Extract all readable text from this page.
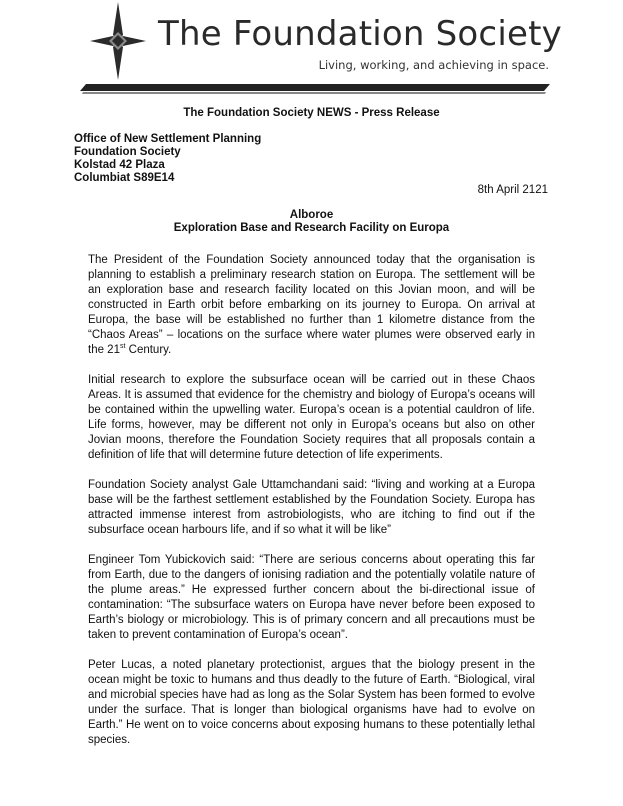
The Foundation Society
Living, working, and achieving in space.
The Foundation Society NEWS - Press Release
Office of New Settlement Planning
Foundation Society
Kolstad 42 Plaza
Columbiat S89E14
8th April 2121
Alboroe
Exploration Base and Research Facility on Europa

The President of the Foundation Society announced today that the organisation is planning to establish a preliminary research station on Europa. The settlement will be an exploration base and research facility located on this Jovian moon, and will be constructed in Earth orbit before embarking on its journey to Europa. On arrival at Europa, the base will be established no further than 1 kilometre distance from the “Chaos Areas” – locations on the surface where water plumes were observed early in the 21st Century.

Initial research to explore the subsurface ocean will be carried out in these Chaos Areas. It is assumed that evidence for the chemistry and biology of Europa’s oceans will be contained within the upwelling water. Europa’s ocean is a potential cauldron of life. Life forms, however, may be different not only in Europa’s oceans but also on other Jovian moons, therefore the Foundation Society requires that all proposals contain a definition of life that will determine future detection of life experiments.

Foundation Society analyst Gale Uttamchandani said: “living and working at a Europa base will be the farthest settlement established by the Foundation Society. Europa has attracted immense interest from astrobiologists, who are itching to find out if the subsurface ocean harbours life, and if so what it will be like”

Engineer Tom Yubickovich said: “There are serious concerns about operating this far from Earth, due to the dangers of ionising radiation and the potentially volatile nature of the plume areas.” He expressed further concern about the bi-directional issue of contamination: “The subsurface waters on Europa have never before been exposed to Earth’s biology or microbiology. This is of primary concern and all precautions must be taken to prevent contamination of Europa’s ocean”.

Peter Lucas, a noted planetary protectionist, argues that the biology present in the ocean might be toxic to humans and thus deadly to the future of Earth. “Biological, viral and microbial species have had as long as the Solar System has been formed to evolve under the surface. That is longer than biological organisms have had to evolve on Earth.” He went on to voice concerns about exposing humans to these potentially lethal species.
